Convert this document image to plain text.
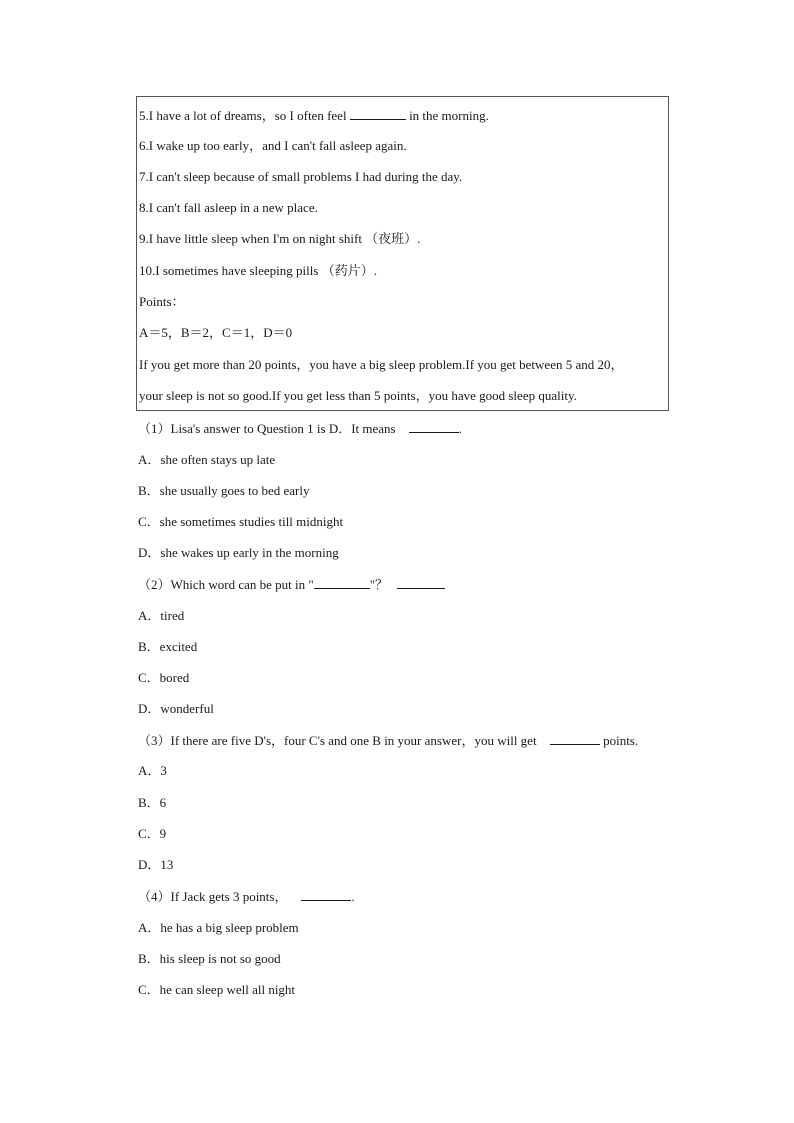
5.I have a lot of dreams，so I often feel	in the morning.
6.I wake up too early，and I can't fall asleep again.
7.I can't sleep because of small problems I had during the day.
8.I can't fall asleep in a new place.
9.I have little sleep when I'm on night shift （夜班）.
10.I sometimes have sleeping pills （药片）.
Points：
A＝5，B＝2，C＝1，D＝0
If you get more than 20 points，you have a big sleep problem.If you get between 5 and 20，
your sleep is not so good.If you get less than 5 points，you have good sleep quality.
（1）Lisa's answer to Question 1 is D．It means	.
A．she often stays up late
B．she usually goes to bed early
C．she sometimes studies till midnight
D．she wakes up early in the morning
（2）Which word can be put in "	"？
A．tired
B．excited
C．bored
D．wonderful
（3）If there are five D's，four C's and one B in your answer，you will get	points.
A．3
B．6
C．9
D．13
（4）If Jack gets 3 points，	.
A．he has a big sleep problem
B．his sleep is not so good
C．he can sleep well all night
